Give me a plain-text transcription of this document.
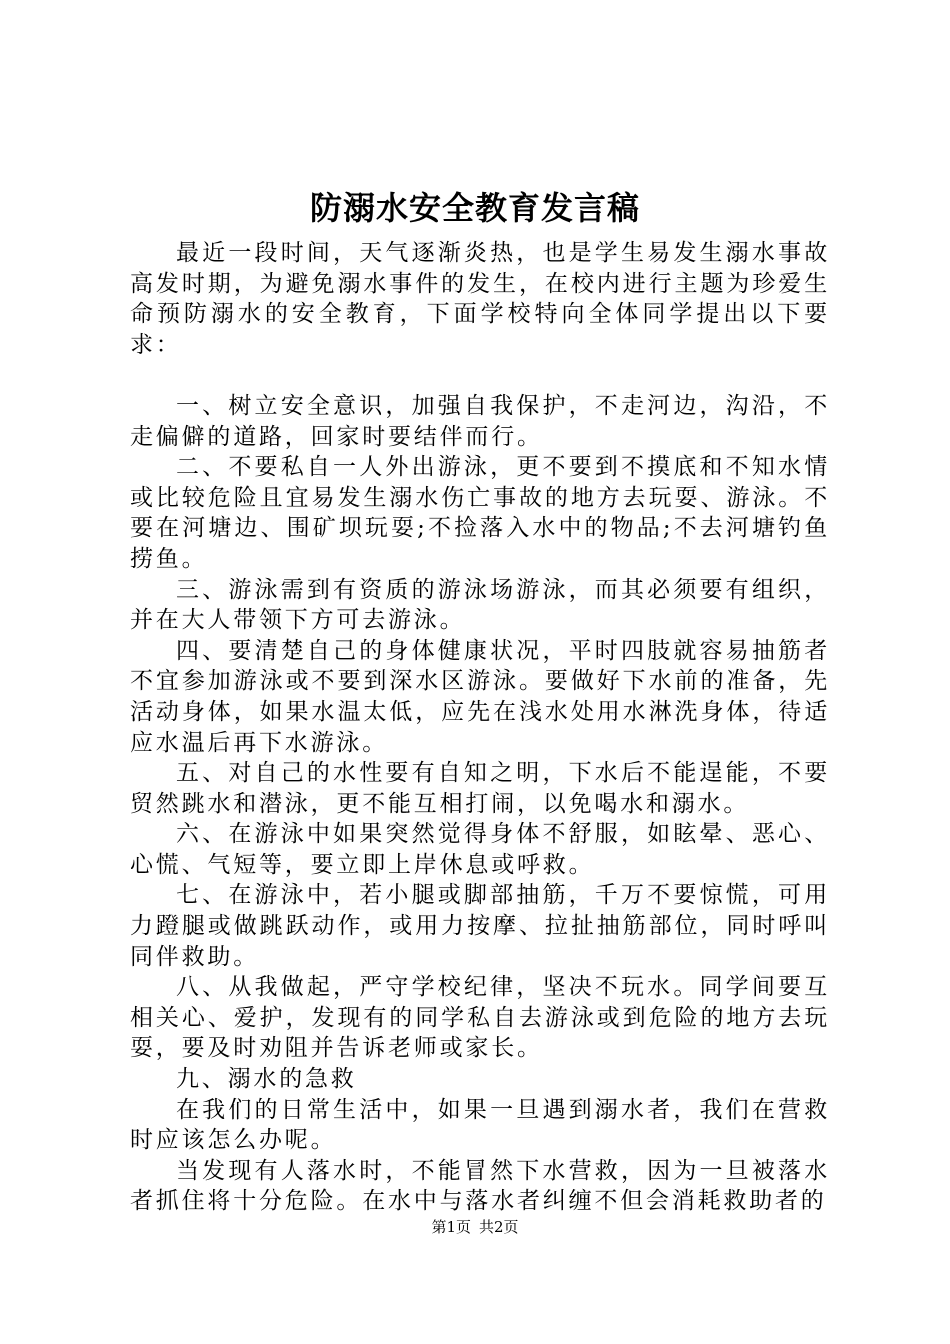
防溺水安全教育发言稿

最近一段时间，天气逐渐炎热，也是学生易发生溺水事故高发时期，为避免溺水事件的发生，在校内进行主题为珍爱生命预防溺水的安全教育，下面学校特向全体同学提出以下要求：

一、树立安全意识，加强自我保护，不走河边，沟沿，不走偏僻的道路，回家时要结伴而行。

二、不要私自一人外出游泳，更不要到不摸底和不知水情或比较危险且宜易发生溺水伤亡事故的地方去玩耍、游泳。不要在河塘边、围矿坝玩耍;不捡落入水中的物品;不去河塘钓鱼捞鱼。

三、游泳需到有资质的游泳场游泳，而其必须要有组织，并在大人带领下方可去游泳。

四、要清楚自己的身体健康状况，平时四肢就容易抽筋者不宜参加游泳或不要到深水区游泳。要做好下水前的准备，先活动身体，如果水温太低，应先在浅水处用水淋洗身体，待适应水温后再下水游泳。

五、对自己的水性要有自知之明，下水后不能逞能，不要贸然跳水和潜泳，更不能互相打闹，以免喝水和溺水。

六、在游泳中如果突然觉得身体不舒服，如眩晕、恶心、心慌、气短等，要立即上岸休息或呼救。

七、在游泳中，若小腿或脚部抽筋，千万不要惊慌，可用力蹬腿或做跳跃动作，或用力按摩、拉扯抽筋部位，同时呼叫同伴救助。

八、从我做起，严守学校纪律，坚决不玩水。同学间要互相关心、爱护，发现有的同学私自去游泳或到危险的地方去玩耍，要及时劝阻并告诉老师或家长。

九、溺水的急救

在我们的日常生活中，如果一旦遇到溺水者，我们在营救时应该怎么办呢。

当发现有人落水时，不能冒然下水营救，因为一旦被落水者抓住将十分危险。在水中与落水者纠缠不但会消耗救助者的

第1页 共2页
